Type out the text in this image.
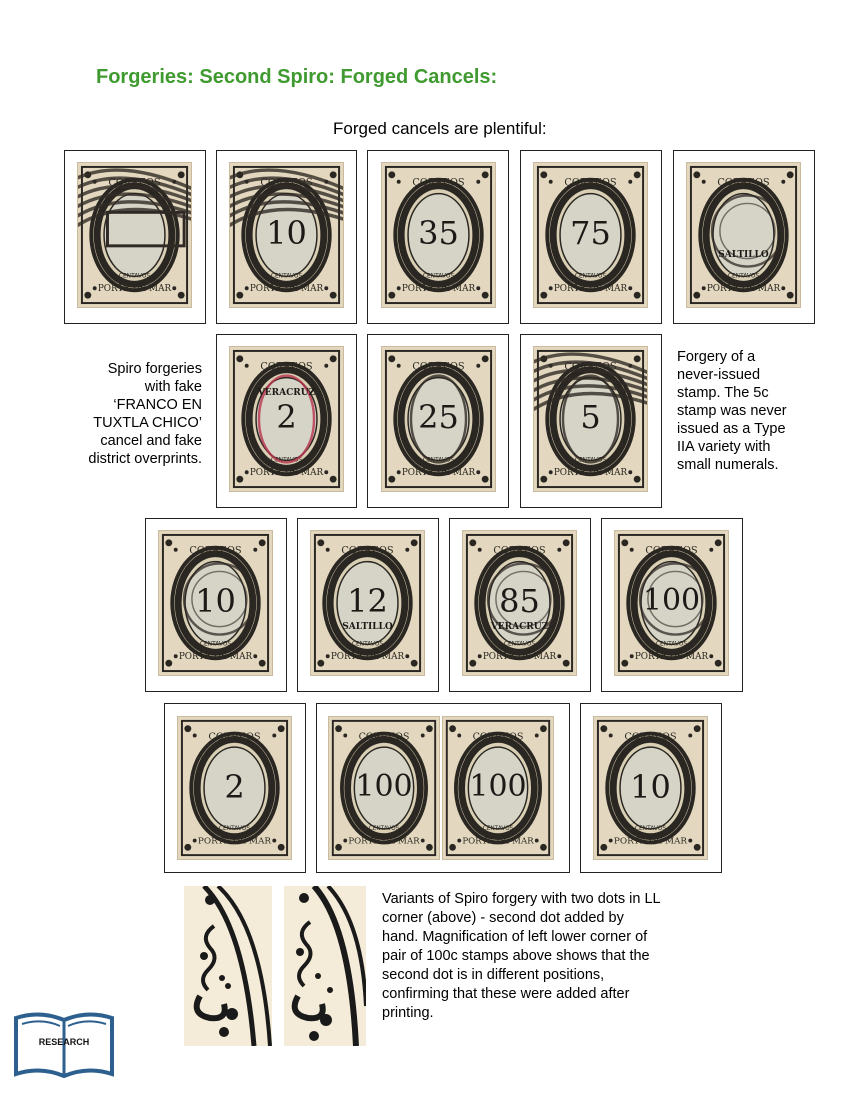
Forgeries: Second Spiro: Forged Cancels:
Forged cancels are plentiful:
CORREOS
CENTAVOS
PORTE DE MAR
CORREOS
CENTAVOS
PORTE DE MAR
10
CORREOS
CENTAVOS
PORTE DE MAR
35
CORREOS
CENTAVOS
PORTE DE MAR
75
CORREOS
CENTAVOS
PORTE DE MAR
SALTILLO
CORREOS
CENTAVOS
PORTE DE MAR
2
VERACRUZ
CORREOS
CENTAVOS
PORTE DE MAR
25
CORREOS
CENTAVOS
PORTE DE MAR
5
CORREOS
CENTAVOS
PORTE DE MAR
10
CORREOS
CENTAVOS
PORTE DE MAR
12
SALTILLO
CORREOS
CENTAVOS
PORTE DE MAR
85
VERACRUZ
CORREOS
CENTAVOS
PORTE DE MAR
100
CORREOS
CENTAVOS
PORTE DE MAR
2
CORREOS
CENTAVOS
PORTE DE MAR
100
CORREOS
CENTAVOS
PORTE DE MAR
100
CORREOS
CENTAVOS
PORTE DE MAR
10
Spiro forgeries
with fake
‘FRANCO EN
TUXTLA CHICO’
cancel and fake
district overprints.
Forgery of a
never-issued
stamp. The 5c
stamp was never
issued as a Type
IIA variety with
small numerals.
Variants of Spiro forgery with two dots in LL
corner (above) - second dot added by
hand. Magnification of left lower corner of
pair of 100c stamps above shows that the
second dot is in different positions,
confirming that these were added after
printing.
RESEARCH
